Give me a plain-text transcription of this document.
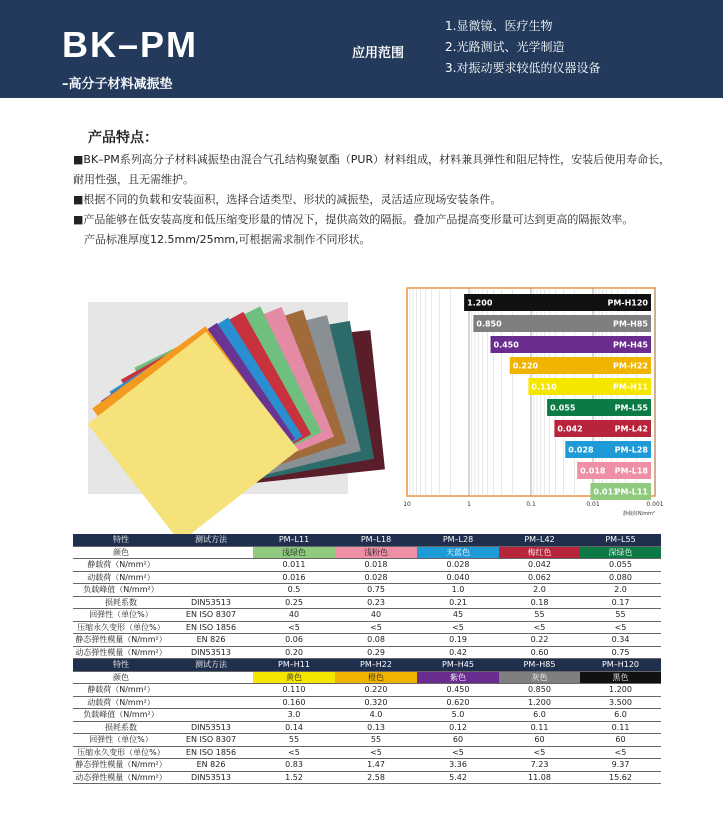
BK–PM
–高分子材料减振垫
应用范围
1.显微镜、医疗生物
2.光路测试、光学制造
3.对振动要求较低的仪器设备
产品特点：

■BK–PM系列高分子材料减振垫由混合气孔结构聚氨酯（PUR）材料组成，材料兼具弹性和阻尼特性，安装后使用寿命长，耐用性强，且无需维护。

■根据不同的负载和安装面积，选择合适类型、形状的减振垫，灵活适应现场安装条件。

■产品能够在低安装高度和低压缩变形量的情况下，提供高效的隔振。叠加产品提高变形量可达到更高的隔振效率。

　产品标准厚度12.5mm/25mm,可根据需求制作不同形状。

10	1	0.1	0.01	0.001
静载荷N/mm²
1.200	PM-H120
0.850	PM-H85
0.450	PM-H45
0.220	PM-H22
0.110	PM-H11
0.055	PM-L55
0.042	PM-L42
0.028	PM-L28
0.018 PM-L18
0.011
PM-L11
特性	测试方法	PM–L11	PM–L18	PM–L28	PM–L42	PM–L55
颜色		浅绿色	浅粉色	天蓝色	梅红色	深绿色
静载荷（N/mm²）		0.011	0.018	0.028	0.042	0.055
动载荷（N/mm²）		0.016	0.028	0.040	0.062	0.080
负载峰值（N/mm²）		0.5	0.75	1.0	2.0	2.0
损耗系数	DIN53513	0.25	0.23	0.21	0.18	0.17
回弹性（单位%）	EN ISO 8307	40	40	45	55	55
压缩永久变形（单位%）	EN ISO 1856	<5	<5	<5	<5	<5
静态弹性模量（N/mm²）	EN 826	0.06	0.08	0.19	0.22	0.34
动态弹性模量（N/mm²）	DIN53513	0.20	0.29	0.42	0.60	0.75
特性	测试方法	PM–H11	PM–H22	PM–H45	PM–H85	PM–H120
颜色		黄色	橙色	紫色	灰色	黑色
静载荷（N/mm²）		0.110	0.220	0.450	0.850	1.200
动载荷（N/mm²）		0.160	0.320	0.620	1.200	3.500
负载峰值（N/mm²）		3.0	4.0	5.0	6.0	6.0
损耗系数	DIN53513	0.14	0.13	0.12	0.11	0.11
回弹性（单位%）	EN ISO 8307	55	55	60	60	60
压缩永久变形（单位%）	EN ISO 1856	<5	<5	<5	<5	<5
静态弹性模量（N/mm²）	EN 826	0.83	1.47	3.36	7.23	9.37
动态弹性模量（N/mm²）	DIN53513	1.52	2.58	5.42	11.08	15.62
